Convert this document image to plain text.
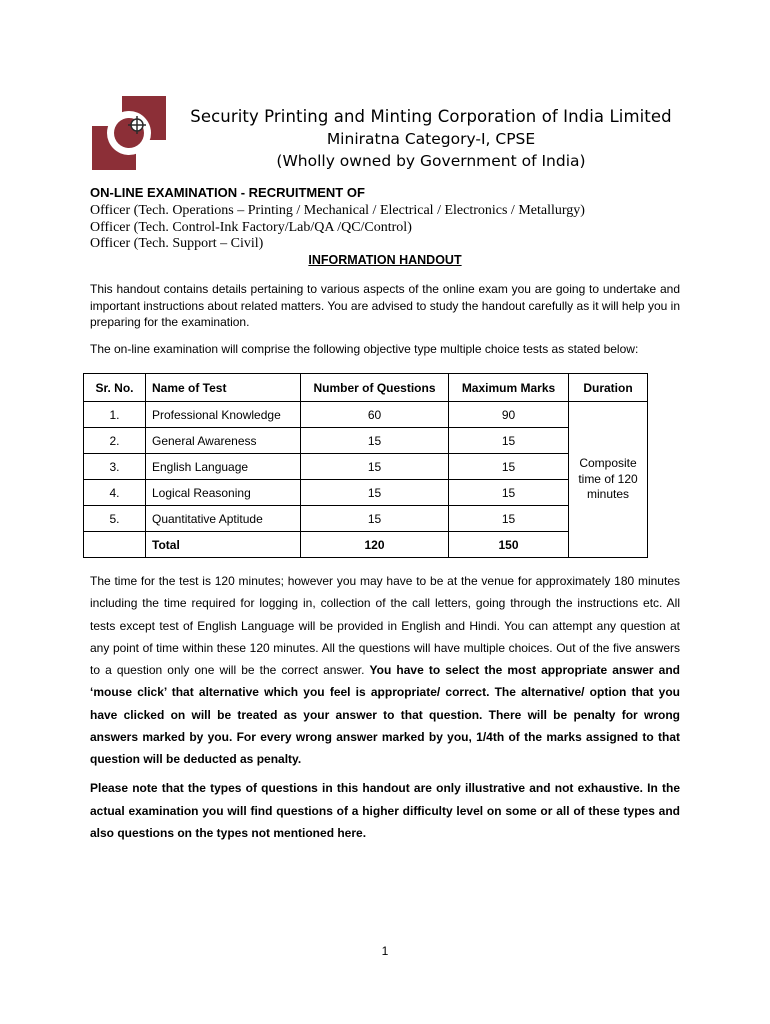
Security Printing and Minting Corporation of India Limited
Miniratna Category-I, CPSE
(Wholly owned by Government of India)
ON-LINE EXAMINATION - RECRUITMENT OF
Officer (Tech. Operations – Printing / Mechanical / Electrical / Electronics / Metallurgy)
Officer (Tech. Control-Ink Factory/Lab/QA /QC/Control)
Officer (Tech. Support – Civil)
INFORMATION HANDOUT
This handout contains details pertaining to various aspects of the online exam you are going to undertake and important instructions about related matters. You are advised to study the handout carefully as it will help you in preparing for the examination.
The on-line examination will comprise the following objective type multiple choice tests as stated below:
Sr. No.	Name of Test	Number of Questions	Maximum Marks	Duration
1.	Professional Knowledge	60	90	Composite
time of 120
minutes

2.	General Awareness	15	15	
3.	English Language	15	15	
4.	Logical Reasoning	15	15	
5.	Quantitative Aptitude	15	15	
	Total	120	150	
The time for the test is 120 minutes; however you may have to be at the venue for approximately 180 minutes including the time required for logging in, collection of the call letters, going through the instructions etc. All tests except test of English Language will be provided in English and Hindi. You can attempt any question at any point of time within these 120 minutes. All the questions will have multiple choices. Out of the five answers to a question only one will be the correct answer. You have to select the most appropriate answer and ‘mouse click’ that alternative which you feel is appropriate/ correct. The alternative/ option that you have clicked on will be treated as your answer to that question. There will be penalty for wrong answers marked by you. For every wrong answer marked by you, 1/4th of the marks assigned to that question will be deducted as penalty.
Please note that the types of questions in this handout are only illustrative and not exhaustive. In the actual examination you will find questions of a higher difficulty level on some or all of these types and also questions on the types not mentioned here.
1
